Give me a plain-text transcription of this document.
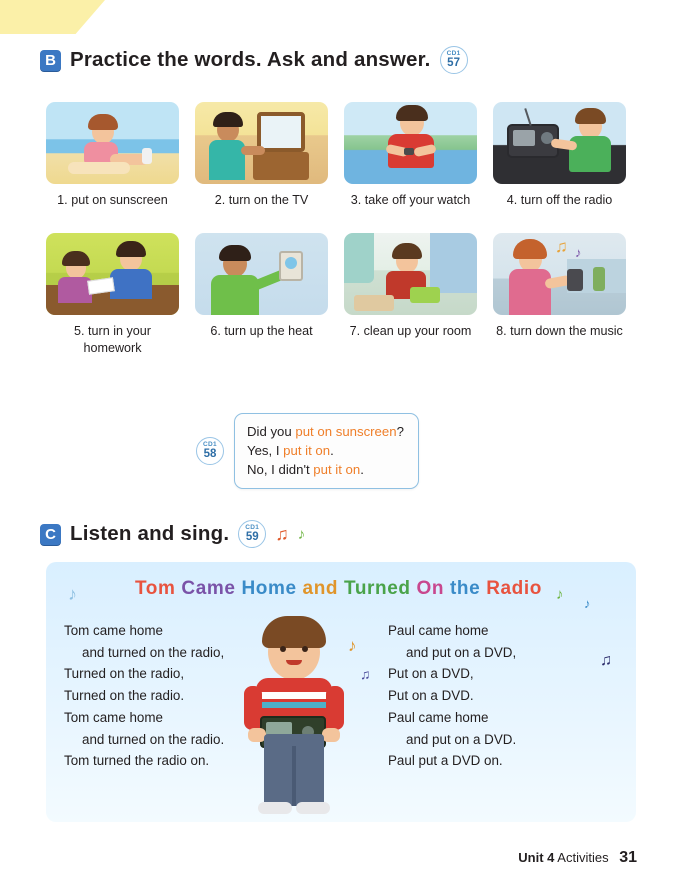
B Practice the words. Ask and answer. CD1
57
1. put on sunscreen	2. turn on the TV	3. take off your watch	4. turn off the radio
5. turn in your homework
6. turn up the heat	7. clean up your room
♫ ♪
8. turn down the music
CD1
58
Did you put on sunscreen?
Yes, I put it on.
No, I didn't put it on.
C Listen and sing. CD1
59 ♫ ♪
♪	♪
♪
♪
♫
♫
Tom Came Home and Turned On the Radio
Tom came home
and turned on the radio,
Turned on the radio,
Turned on the radio.
Tom came home
and turned on the radio.
Tom turned the radio on.
Paul came home
and put on a DVD,
Put on a DVD,
Put on a DVD.
Paul came home
and put on a DVD.
Paul put a DVD on.
Unit 4 Activities 31
